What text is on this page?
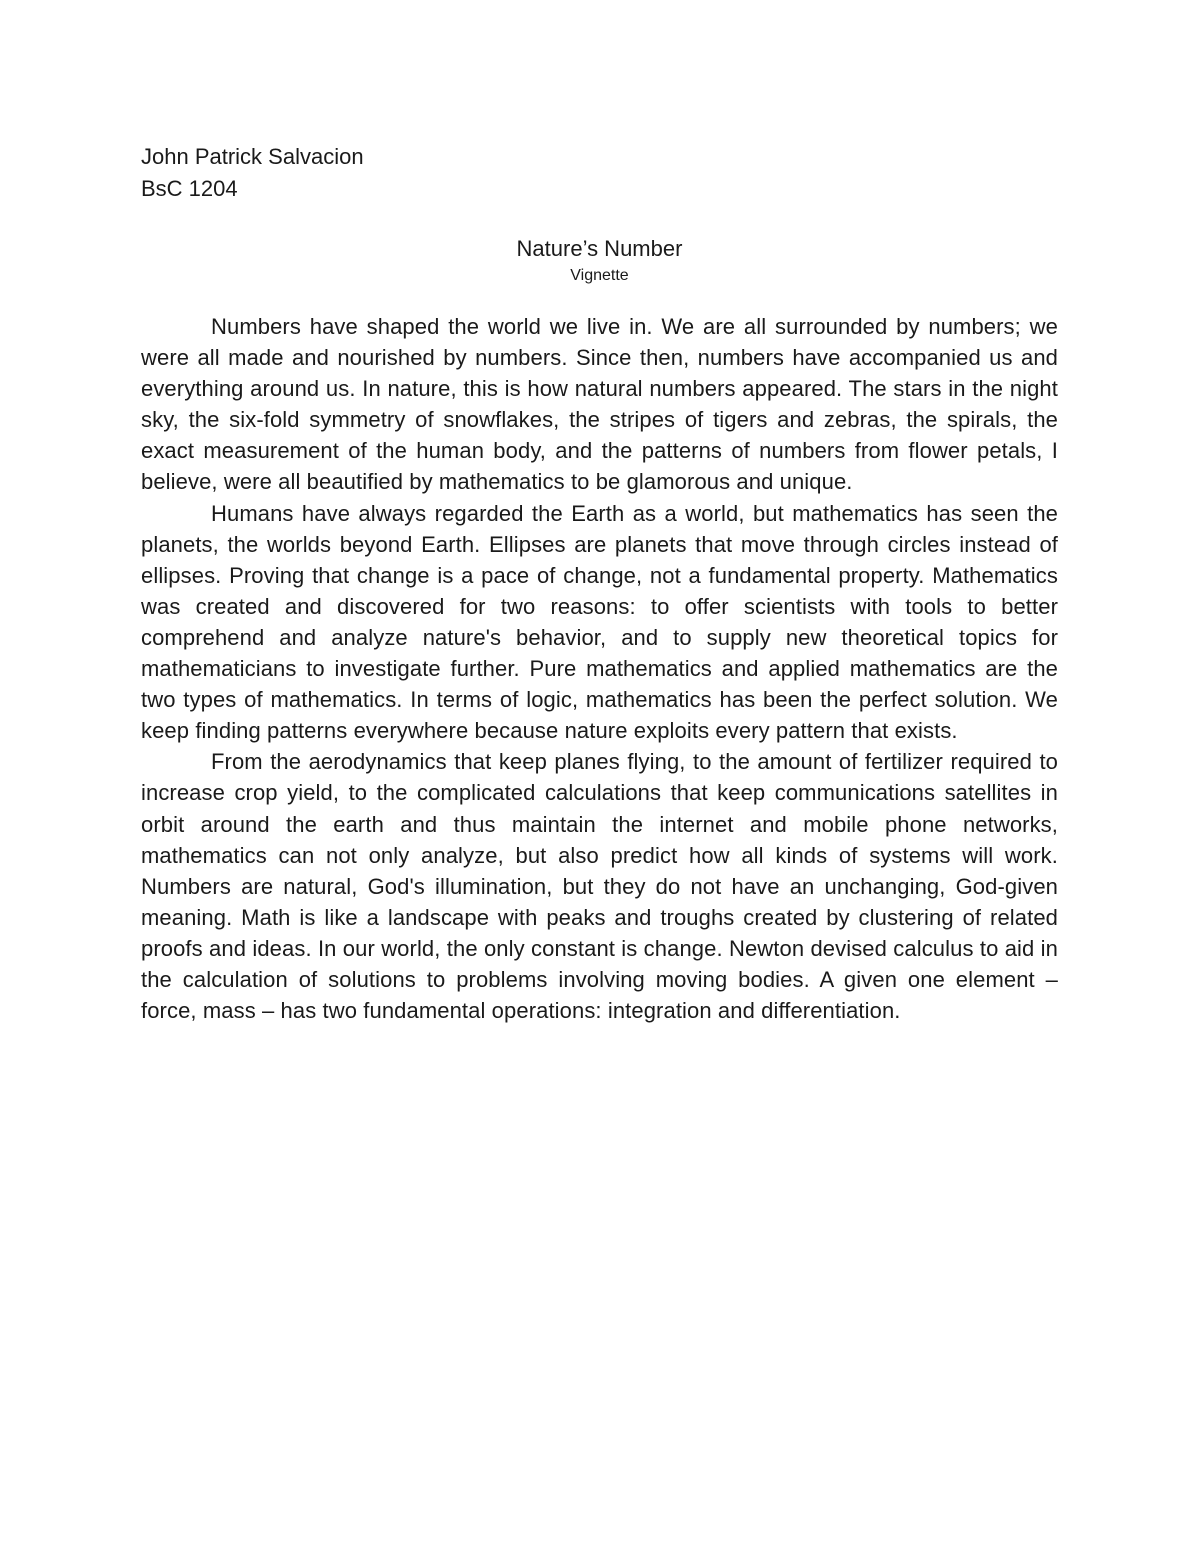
John Patrick Salvacion
BsC 1204
Nature’s Number
Vignette

Numbers have shaped the world we live in. We are all surrounded by numbers; we were all made and nourished by numbers. Since then, numbers have accompanied us and everything around us. In nature, this is how natural numbers appeared. The stars in the night sky, the six-fold symmetry of snowflakes, the stripes of tigers and zebras, the spirals, the exact measurement of the human body, and the patterns of numbers from flower petals, I believe, were all beautified by mathematics to be glamorous and unique.

Humans have always regarded the Earth as a world, but mathematics has seen the planets, the worlds beyond Earth. Ellipses are planets that move through circles instead of ellipses. Proving that change is a pace of change, not a fundamental property. Mathematics was created and discovered for two reasons: to offer scientists with tools to better comprehend and analyze nature's behavior, and to supply new theoretical topics for mathematicians to investigate further. Pure mathematics and applied mathematics are the two types of mathematics. In terms of logic, mathematics has been the perfect solution. We keep finding patterns everywhere because nature exploits every pattern that exists.

From the aerodynamics that keep planes flying, to the amount of fertilizer required to increase crop yield, to the complicated calculations that keep communications satellites in orbit around the earth and thus maintain the internet and mobile phone networks, mathematics can not only analyze, but also predict how all kinds of systems will work. Numbers are natural, God's illumination, but they do not have an unchanging, God-given meaning. Math is like a landscape with peaks and troughs created by clustering of related proofs and ideas. In our world, the only constant is change. Newton devised calculus to aid in the calculation of solutions to problems involving moving bodies. A given one element – force, mass – has two fundamental operations: integration and differentiation.
